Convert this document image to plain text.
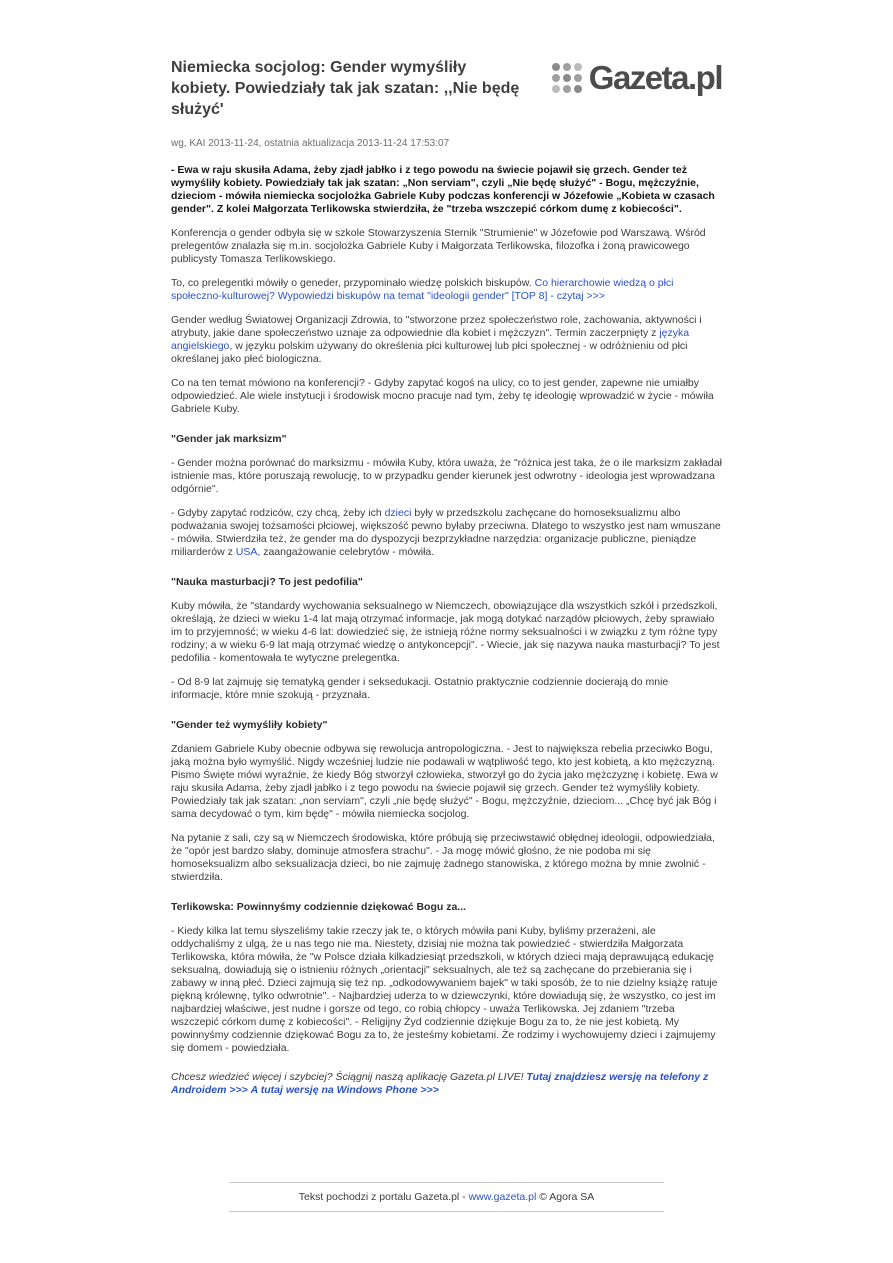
Niemiecka socjolog: Gender wymyśliły kobiety. Powiedziały tak jak szatan: ,,Nie będę służyć'
Gazeta.pl
wg, KAI 2013-11-24, ostatnia aktualizacja 2013-11-24 17:53:07

- Ewa w raju skusiła Adama, żeby zjadł jabłko i z tego powodu na świecie pojawił się grzech. Gender też wymyśliły kobiety. Powiedziały tak jak szatan: „Non serviam", czyli „Nie będę służyć" - Bogu, mężczyźnie, dzieciom - mówiła niemiecka socjolożka Gabriele Kuby podczas konferencji w Józefowie „Kobieta w czasach gender". Z kolei Małgorzata Terlikowska stwierdziła, że "trzeba wszczepić córkom dumę z kobiecości".

Konferencja o gender odbyła się w szkole Stowarzyszenia Sternik "Strumienie" w Józefowie pod Warszawą. Wśród prelegentów znalazła się m.in. socjolożka Gabriele Kuby i Małgorzata Terlikowska, filozofka i żoną prawicowego publicysty Tomasza Terlikowskiego.

To, co prelegentki mówiły o geneder, przypominało wiedzę polskich biskupów. Co hierarchowie wiedzą o płci społeczno-kulturowej? Wypowiedzi biskupów na temat "ideologii gender" [TOP 8] - czytaj >>>

Gender według Światowej Organizacji Zdrowia, to "stworzone przez społeczeństwo role, zachowania, aktywności i atrybuty, jakie dane społeczeństwo uznaje za odpowiednie dla kobiet i mężczyzn". Termin zaczerpnięty z języka angielskiego, w języku polskim używany do określenia płci kulturowej lub płci społecznej - w odróżnieniu od płci określanej jako płeć biologiczna.

Co na ten temat mówiono na konferencji? - Gdyby zapytać kogoś na ulicy, co to jest gender, zapewne nie umiałby odpowiedzieć. Ale wiele instytucji i środowisk mocno pracuje nad tym, żeby tę ideologię wprowadzić w życie - mówiła Gabriele Kuby.

"Gender jak marksizm"

- Gender można porównać do marksizmu - mówiła Kuby, która uważa, że "różnica jest taka, że o ile marksizm zakładał istnienie mas, które poruszają rewolucję, to w przypadku gender kierunek jest odwrotny - ideologia jest wprowadzana odgórnie".

- Gdyby zapytać rodziców, czy chcą, żeby ich dzieci były w przedszkolu zachęcane do homoseksualizmu albo podważania swojej tożsamości płciowej, większość pewno byłaby przeciwna. Dlatego to wszystko jest nam wmuszane - mówiła. Stwierdziła też, że gender ma do dyspozycji bezprzykładne narzędzia: organizacje publiczne, pieniądze miliarderów z USA, zaangażowanie celebrytów - mówiła.

"Nauka masturbacji? To jest pedofilia"

Kuby mówiła, że "standardy wychowania seksualnego w Niemczech, obowiązujące dla wszystkich szkół i przedszkoli, określają, że dzieci w wieku 1-4 lat mają otrzymać informacje, jak mogą dotykać narządów płciowych, żeby sprawiało im to przyjemność; w wieku 4-6 lat: dowiedzieć się, że istnieją różne normy seksualności i w związku z tym różne typy rodziny; a w wieku 6-9 lat mają otrzymać wiedzę o antykoncepcji". - Wiecie, jak się nazywa nauka masturbacji? To jest pedofilia - komentowała te wytyczne prelegentka.

- Od 8-9 lat zajmuję się tematyką gender i seksedukacji. Ostatnio praktycznie codziennie docierają do mnie informacje, które mnie szokują - przyznała.

"Gender też wymyśliły kobiety"

Zdaniem Gabriele Kuby obecnie odbywa się rewolucja antropologiczna. - Jest to największa rebelia przeciwko Bogu, jaką można było wymyślić. Nigdy wcześniej ludzie nie podawali w wątpliwość tego, kto jest kobietą, a kto mężczyzną. Pismo Święte mówi wyraźnie, że kiedy Bóg stworzył człowieka, stworzył go do życia jako mężczyznę i kobietę. Ewa w raju skusiła Adama, żeby zjadł jabłko i z tego powodu na świecie pojawił się grzech. Gender też wymyśliły kobiety. Powiedziały tak jak szatan: „non serviam", czyli „nie będę służyć" - Bogu, mężczyźnie, dzieciom... „Chcę być jak Bóg i sama decydować o tym, kim będę" - mówiła niemiecka socjolog.

Na pytanie z sali, czy są w Niemczech środowiska, które próbują się przeciwstawić obłędnej ideologii, odpowiedziała, że "opór jest bardzo słaby, dominuje atmosfera strachu". - Ja mogę mówić głośno, że nie podoba mi się homoseksualizm albo seksualizacja dzieci, bo nie zajmuję żadnego stanowiska, z którego można by mnie zwolnić - stwierdziła.

Terlikowska: Powinnyśmy codziennie dziękować Bogu za...

- Kiedy kilka lat temu słyszeliśmy takie rzeczy jak te, o których mówiła pani Kuby, byliśmy przerażeni, ale oddychaliśmy z ulgą, że u nas tego nie ma. Niestety, dzisiaj nie można tak powiedzieć - stwierdziła Małgorzata Terlikowska, która mówiła, że "w Polsce działa kilkadziesiąt przedszkoli, w których dzieci mają deprawującą edukację seksualną, dowiadują się o istnieniu różnych „orientacji" seksualnych, ale też są zachęcane do przebierania się i zabawy w inną płeć. Dzieci zajmują się też np. „odkodowywaniem bajek" w taki sposób, że to nie dzielny książę ratuje piękną królewnę, tylko odwrotnie". - Najbardziej uderza to w dziewczynki, które dowiadują się, że wszystko, co jest im najbardziej właściwe, jest nudne i gorsze od tego, co robią chłopcy - uważa Terlikowska. Jej zdaniem "trzeba wszczepić córkom dumę z kobiecości". - Religijny Żyd codziennie dziękuje Bogu za to, że nie jest kobietą. My powinnyśmy codziennie dziękować Bogu za to, że jesteśmy kobietami. Że rodzimy i wychowujemy dzieci i zajmujemy się domem - powiedziała.

Chcesz wiedzieć więcej i szybciej? Ściągnij naszą aplikację Gazeta.pl LIVE! Tutaj znajdziesz wersję na telefony z Androidem >>> A tutaj wersję na Windows Phone >>>

Tekst pochodzi z portalu Gazeta.pl - www.gazeta.pl © Agora SA
